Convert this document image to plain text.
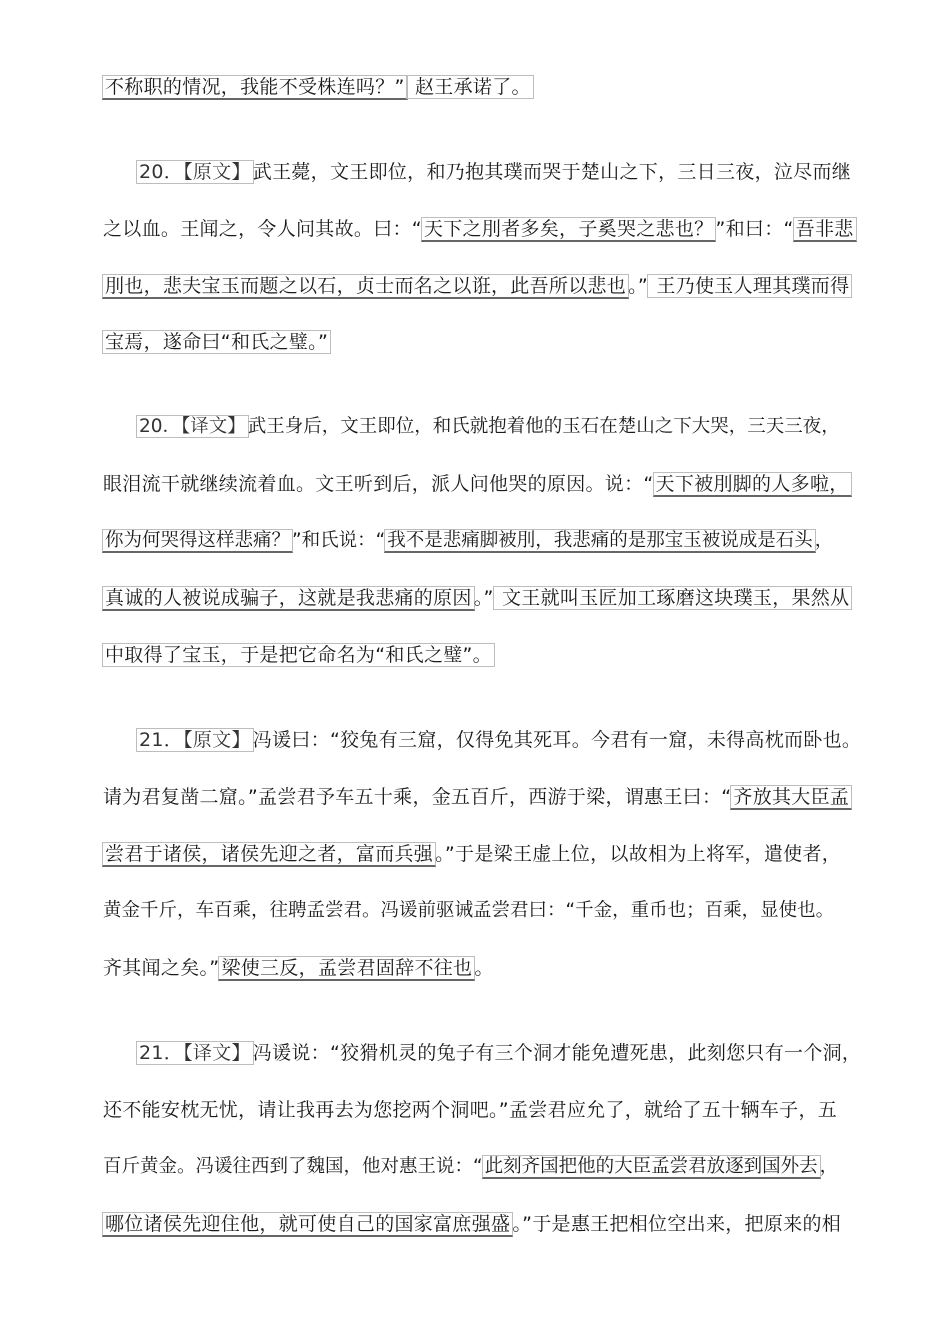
不称职的情况，我能不受株连吗？” 赵王承诺了。
20．【原文】 武王薨，文王即位，和乃抱其璞而哭于楚山之下，三日三夜，泣尽而继
之以血。王闻之，令人问其故。曰：“ 天下之刖者多矣，子奚哭之悲也？ ”和曰：“ 吾非悲
刖也，悲夫宝玉而题之以石，贞士而名之以诳，此吾所以悲也 。” 王乃使玉人理其璞而得
宝焉，遂命曰“和氏之璧。”
20．【译文】 武王身后，文王即位，和氏就抱着他的玉石在楚山之下大哭，三天三夜，
眼泪流干就继续流着血。文王听到后，派人问他哭的原因。说：“ 天下被刖脚的人多啦，
你为何哭得这样悲痛？ ”和氏说：“ 我不是悲痛脚被刖，我悲痛的是那宝玉被说成是石头 ，
真诚的人被说成骗子，这就是我悲痛的原因 。” 文王就叫玉匠加工琢磨这块璞玉，果然从
中取得了宝玉，于是把它命名为“和氏之璧”。
21．【原文】 冯谖曰：“狡兔有三窟，仅得免其死耳。今君有一窟，未得高枕而卧也。
请为君复凿二窟。”孟尝君予车五十乘，金五百斤，西游于梁，谓惠王曰：“ 齐放其大臣孟
尝君于诸侯，诸侯先迎之者，富而兵强 。”于是梁王虚上位，以故相为上将军，遣使者，
黄金千斤，车百乘，往聘孟尝君。冯谖前驱诫孟尝君曰：“千金，重币也；百乘，显使也。
齐其闻之矣。” 梁使三反，孟尝君固辞不往也 。
21．【译文】 冯谖说：“狡猾机灵的兔子有三个洞才能免遭死患，此刻您只有一个洞，
还不能安枕无忧，请让我再去为您挖两个洞吧。”孟尝君应允了，就给了五十辆车子，五
百斤黄金。冯谖往西到了魏国，他对惠王说：“ 此刻齐国把他的大臣孟尝君放逐到国外去 ，
哪位诸侯先迎住他，就可使自己的国家富庶强盛 。”于是惠王把相位空出来，把原来的相
